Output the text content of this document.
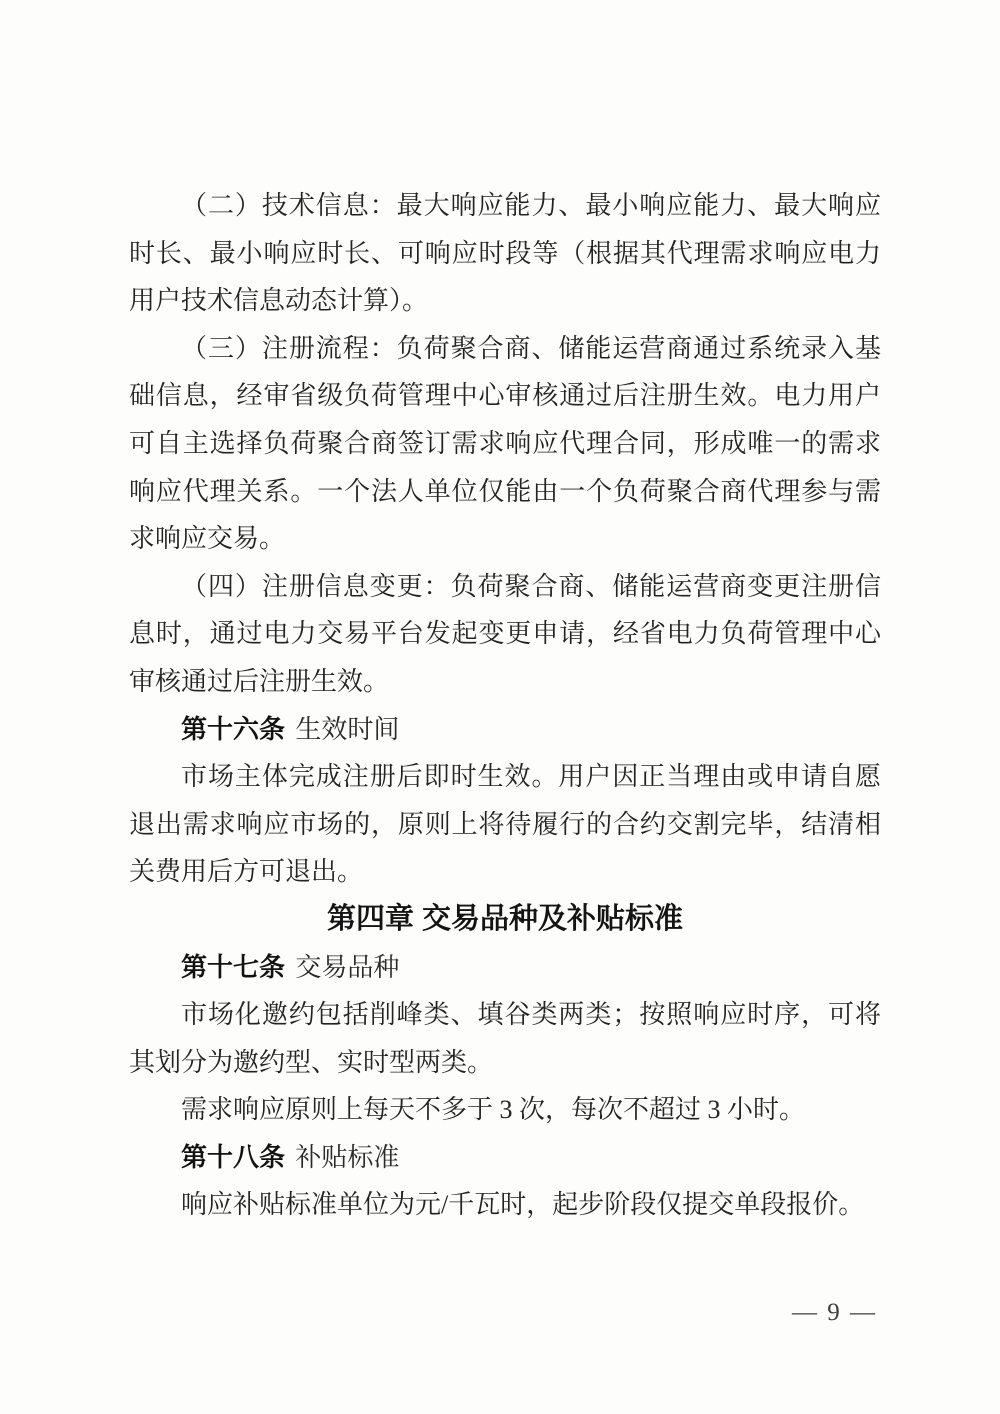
（二）技术信息：最大响应能力、最小响应能力、最大响应
时长、最小响应时长、可响应时段等（根据其代理需求响应电力
用户技术信息动态计算）。
（三）注册流程：负荷聚合商、储能运营商通过系统录入基
础信息，经审省级负荷管理中心审核通过后注册生效。电力用户
可自主选择负荷聚合商签订需求响应代理合同，形成唯一的需求
响应代理关系。一个法人单位仅能由一个负荷聚合商代理参与需
求响应交易。
（四）注册信息变更：负荷聚合商、储能运营商变更注册信
息时，通过电力交易平台发起变更申请，经省电力负荷管理中心
审核通过后注册生效。
第十六条 生效时间
市场主体完成注册后即时生效。用户因正当理由或申请自愿
退出需求响应市场的，原则上将待履行的合约交割完毕，结清相
关费用后方可退出。
第四章 交易品种及补贴标准
第十七条 交易品种
市场化邀约包括削峰类、填谷类两类；按照响应时序，可将
其划分为邀约型、实时型两类。
需求响应原则上每天不多于 3 次，每次不超过 3 小时。
第十八条 补贴标准
响应补贴标准单位为元/千瓦时，起步阶段仅提交单段报价。
— 9 —
